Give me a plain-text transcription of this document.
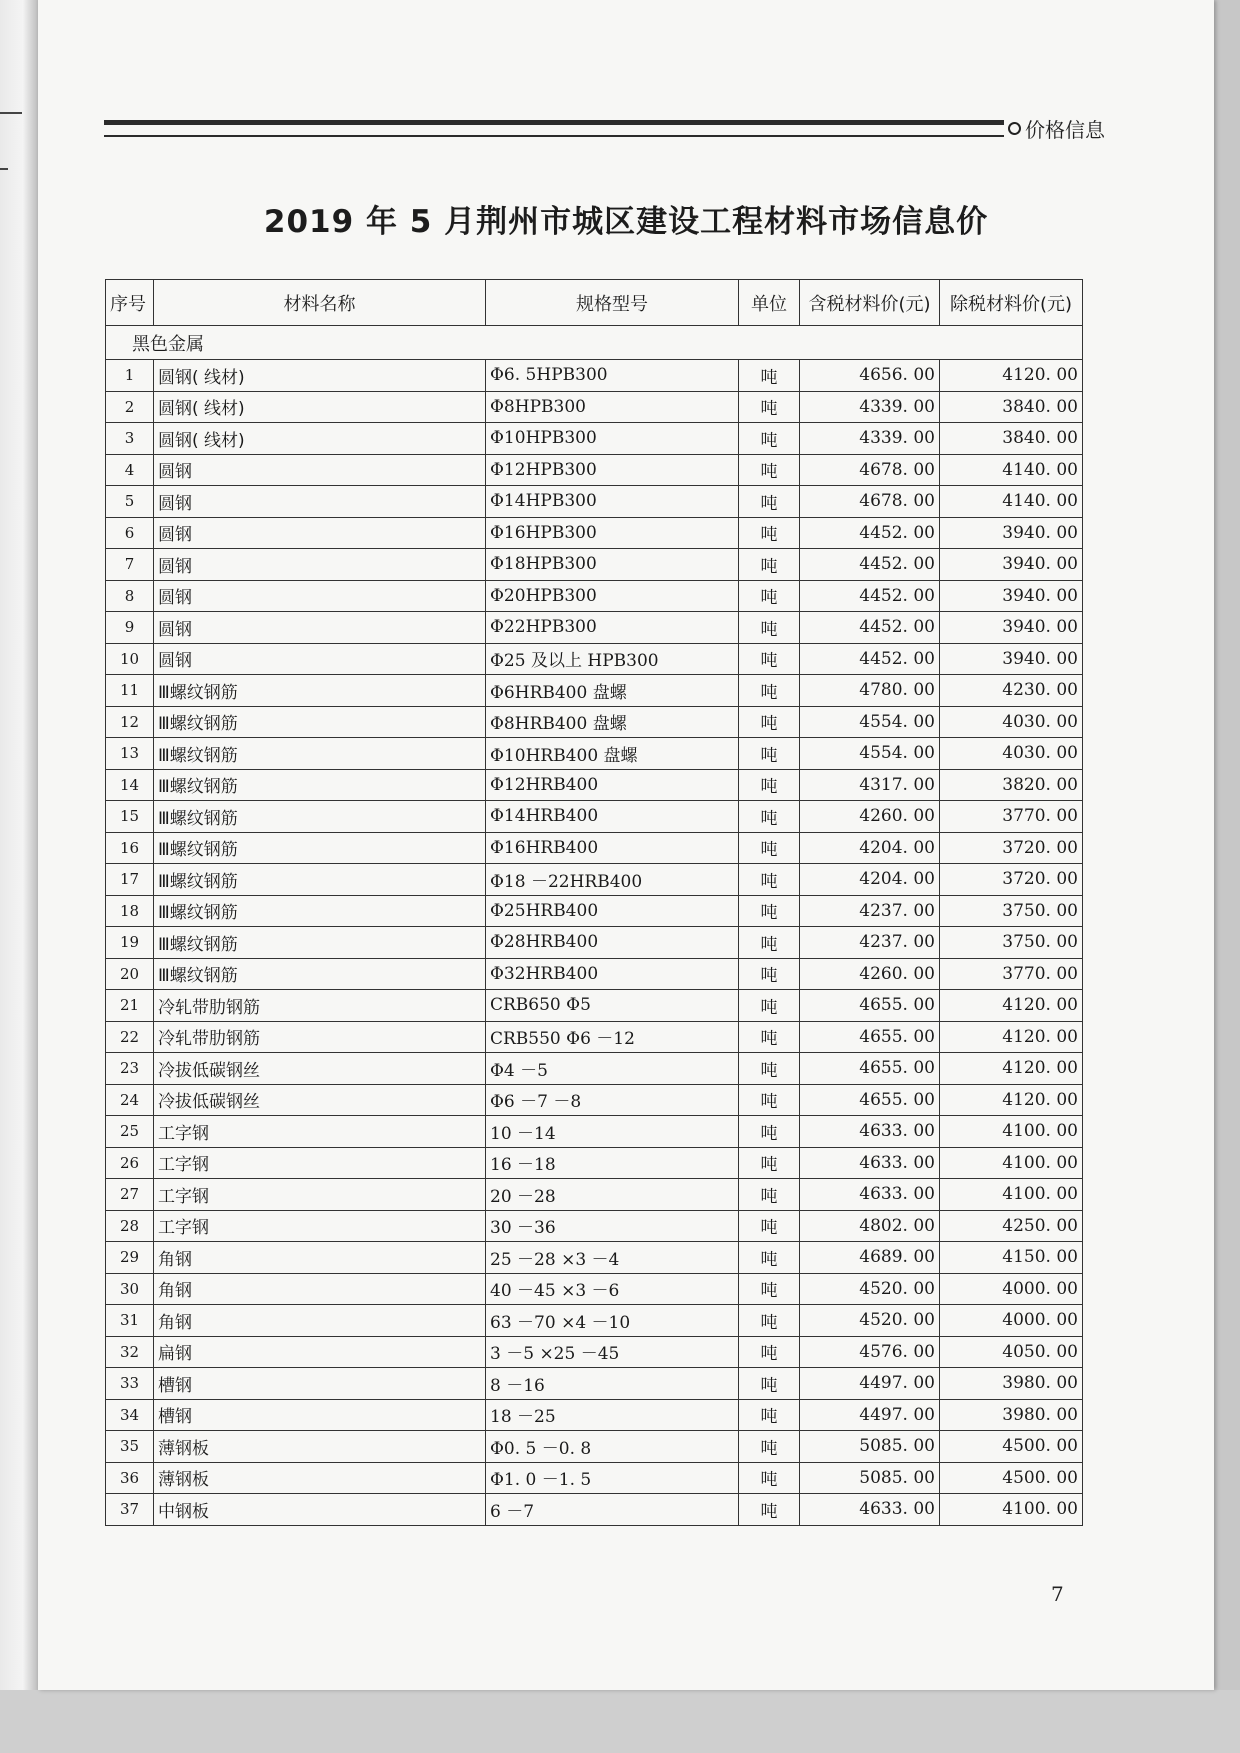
价格信息
2019 年 5 月荆州市城区建设工程材料市场信息价
序号	材料名称	规格型号	单位	含税材料价(元)	除税材料价(元)
黑色金属					
1	圆钢( 线材)	Φ6. 5HPB300	吨	4656. 00	4120. 00
2	圆钢( 线材)	Φ8HPB300	吨	4339. 00	3840. 00
3	圆钢( 线材)	Φ10HPB300	吨	4339. 00	3840. 00
4	圆钢	Φ12HPB300	吨	4678. 00	4140. 00
5	圆钢	Φ14HPB300	吨	4678. 00	4140. 00
6	圆钢	Φ16HPB300	吨	4452. 00	3940. 00
7	圆钢	Φ18HPB300	吨	4452. 00	3940. 00
8	圆钢	Φ20HPB300	吨	4452. 00	3940. 00
9	圆钢	Φ22HPB300	吨	4452. 00	3940. 00
10	圆钢	Φ25 及以上 HPB300	吨	4452. 00	3940. 00
11	Ⅲ螺纹钢筋	Φ6HRB400 盘螺	吨	4780. 00	4230. 00
12	Ⅲ螺纹钢筋	Φ8HRB400 盘螺	吨	4554. 00	4030. 00
13	Ⅲ螺纹钢筋	Φ10HRB400 盘螺	吨	4554. 00	4030. 00
14	Ⅲ螺纹钢筋	Φ12HRB400	吨	4317. 00	3820. 00
15	Ⅲ螺纹钢筋	Φ14HRB400	吨	4260. 00	3770. 00
16	Ⅲ螺纹钢筋	Φ16HRB400	吨	4204. 00	3720. 00
17	Ⅲ螺纹钢筋	Φ18 －22HRB400	吨	4204. 00	3720. 00
18	Ⅲ螺纹钢筋	Φ25HRB400	吨	4237. 00	3750. 00
19	Ⅲ螺纹钢筋	Φ28HRB400	吨	4237. 00	3750. 00
20	Ⅲ螺纹钢筋	Φ32HRB400	吨	4260. 00	3770. 00
21	冷轧带肋钢筋	CRB650 Φ5	吨	4655. 00	4120. 00
22	冷轧带肋钢筋	CRB550 Φ6 －12	吨	4655. 00	4120. 00
23	冷拔低碳钢丝	Φ4 －5	吨	4655. 00	4120. 00
24	冷拔低碳钢丝	Φ6 －7 －8	吨	4655. 00	4120. 00
25	工字钢	10 －14	吨	4633. 00	4100. 00
26	工字钢	16 －18	吨	4633. 00	4100. 00
27	工字钢	20 －28	吨	4633. 00	4100. 00
28	工字钢	30 －36	吨	4802. 00	4250. 00
29	角钢	25 －28 ×3 －4	吨	4689. 00	4150. 00
30	角钢	40 －45 ×3 －6	吨	4520. 00	4000. 00
31	角钢	63 －70 ×4 －10	吨	4520. 00	4000. 00
32	扁钢	3 －5 ×25 －45	吨	4576. 00	4050. 00
33	槽钢	8 －16	吨	4497. 00	3980. 00
34	槽钢	18 －25	吨	4497. 00	3980. 00
35	薄钢板	Φ0. 5 －0. 8	吨	5085. 00	4500. 00
36	薄钢板	Φ1. 0 －1. 5	吨	5085. 00	4500. 00
37	中钢板	6 －7	吨	4633. 00	4100. 00
7
